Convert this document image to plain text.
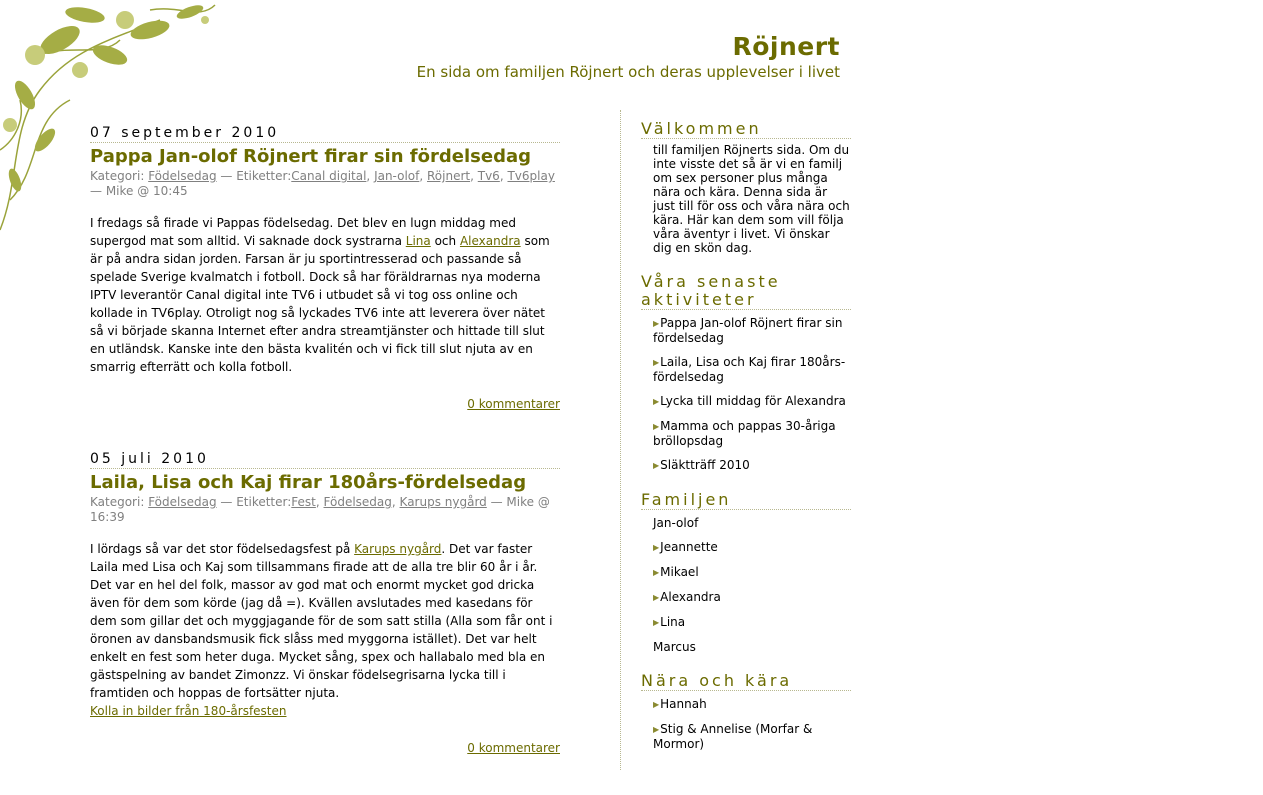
Röjnert
En sida om familjen Röjnert och deras upplevelser i livet
07 september 2010
Pappa Jan-olof Röjnert firar sin fördelsedag
Kategori: Födelsedag — Etiketter:Canal digital, Jan-olof, Röjnert, Tv6, Tv6play — Mike @ 10:45
I fredags så firade vi Pappas födelsedag. Det blev en lugn middag med supergod mat som alltid. Vi saknade dock systrarna Lina och Alexandra som är på andra sidan jorden. Farsan är ju sportintresserad och passande så spelade Sverige kvalmatch i fotboll. Dock så har föräldrarnas nya moderna IPTV leverantör Canal digital inte TV6 i utbudet så vi tog oss online och kollade in TV6play. Otroligt nog så lyckades TV6 inte att leverera över nätet så vi började skanna Internet efter andra streamtjänster och hittade till slut en utländsk. Kanske inte den bästa kvalitén och vi fick till slut njuta av en smarrig efterrätt och kolla fotboll.
0 kommentarer
05 juli 2010
Laila, Lisa och Kaj firar 180års-fördelsedag
Kategori: Födelsedag — Etiketter:Fest, Födelsedag, Karups nygård — Mike @ 16:39
I lördags så var det stor födelsedagsfest på Karups nygård. Det var faster Laila med Lisa och Kaj som tillsammans firade att de alla tre blir 60 år i år. Det var en hel del folk, massor av god mat och enormt mycket god dricka även för dem som körde (jag då =). Kvällen avslutades med kasedans för dem som gillar det och myggjagande för de som satt stilla (Alla som får ont i öronen av dansbandsmusik fick slåss med myggorna istället). Det var helt enkelt en fest som heter duga. Mycket sång, spex och hallabalo med bla en gästspelning av bandet Zimonzz. Vi önskar födelsegrisarna lycka till i framtiden och hoppas de fortsätter njuta.
Kolla in bilder från 180-årsfesten
0 kommentarer
Välkommen
till familjen Röjnerts sida. Om du inte visste det så är vi en familj om sex personer plus många nära och kära. Denna sida är just till för oss och våra nära och kära. Här kan dem som vill följa våra äventyr i livet. Vi önskar dig en skön dag.
Våra senaste aktiviteter
▶Pappa Jan-olof Röjnert firar sin fördelsedag
▶Laila, Lisa och Kaj firar 180års-fördelsedag
▶Lycka till middag för Alexandra
▶Mamma och pappas 30-åriga bröllopsdag
▶Släktträff 2010
Familjen
Jan-olof
▶Jeannette
▶Mikael
▶Alexandra
▶Lina
Marcus
Nära och kära
▶Hannah
▶Stig & Annelise (Morfar & Mormor)
